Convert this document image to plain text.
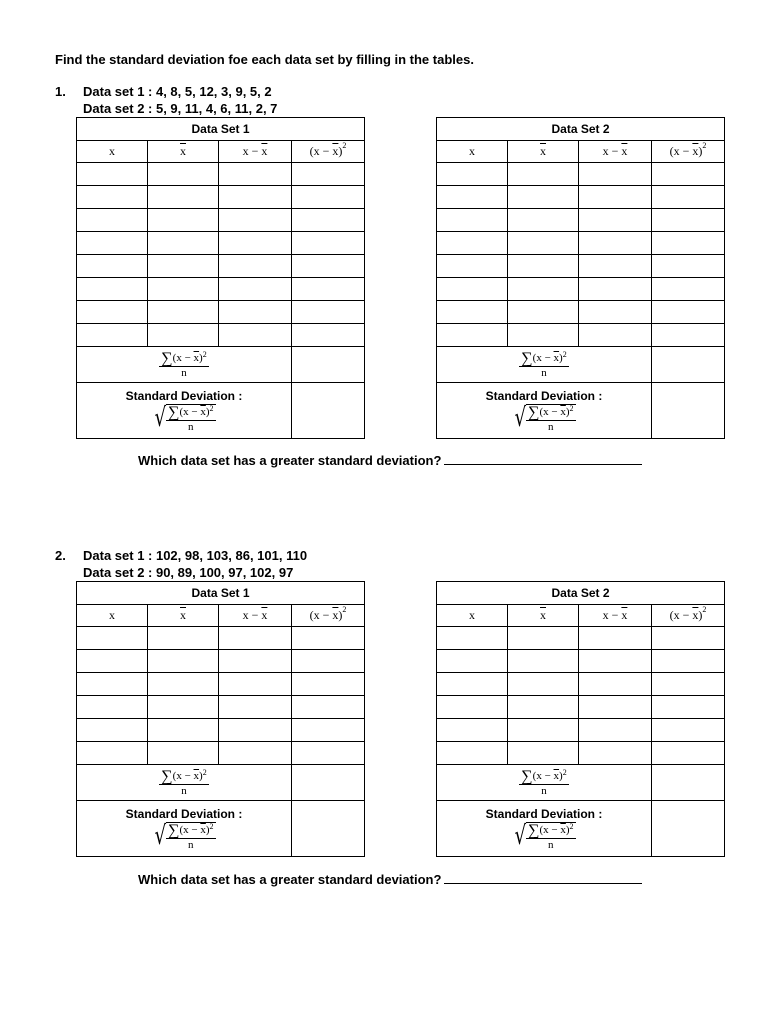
Find the standard deviation foe each data set by filling in the tables.
1. Data set 1 : 4, 8, 5, 12, 3, 9, 5, 2
Data set 2 : 5, 9, 11, 4, 6, 11, 2, 7
Data Set 1			
x	$\overline{x}$	$x - \overline{x}$	$(x - \overline{x})^2$

$\frac{\sum(x - \overline{x})^2}{n}$

Standard Deviation :
√ $\frac{\sum(x - \overline{x})^2}{n}$

Data Set 2			
x	$\overline{x}$	$x - \overline{x}$	$(x - \overline{x})^2$

$\frac{\sum(x - \overline{x})^2}{n}$

Standard Deviation :
√ $\frac{\sum(x - \overline{x})^2}{n}$

Which data set has a greater standard deviation?
2. Data set 1 : 102, 98, 103, 86, 101, 110
Data set 2 : 90, 89, 100, 97, 102, 97
Data Set 1			
x	$\overline{x}$	$x - \overline{x}$	$(x - \overline{x})^2$

$\frac{\sum(x - \overline{x})^2}{n}$

Standard Deviation :
√ $\frac{\sum(x - \overline{x})^2}{n}$

Data Set 2			
x	$\overline{x}$	$x - \overline{x}$	$(x - \overline{x})^2$

$\frac{\sum(x - \overline{x})^2}{n}$

Standard Deviation :
√ $\frac{\sum(x - \overline{x})^2}{n}$

Which data set has a greater standard deviation?
